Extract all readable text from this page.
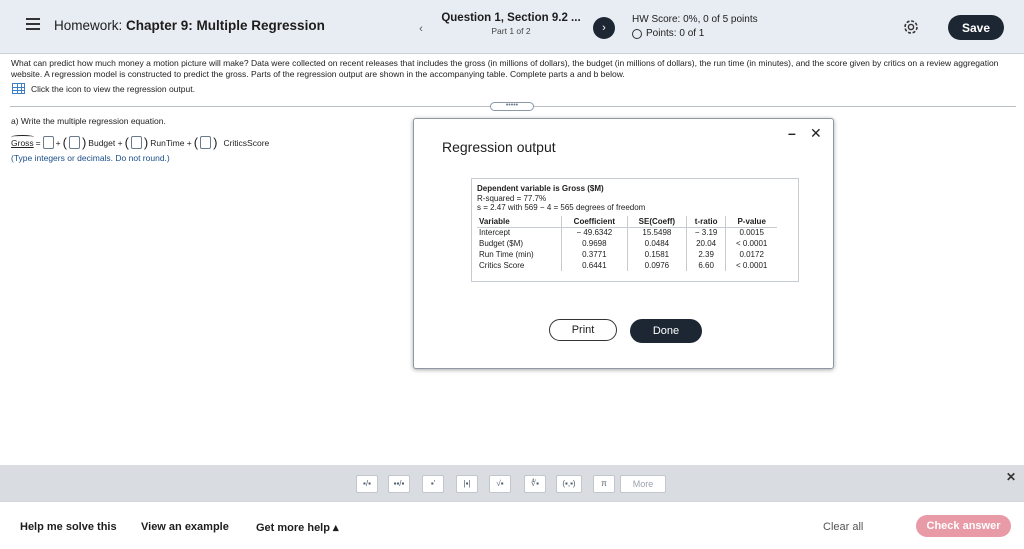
Homework: Chapter 9: Multiple Regression	‹
Question 1, Section 9.2 ...
Part 1 of 2	›
HW Score: 0%, 0 of 5 points
Points: 0 of 1	Save
What can predict how much money a motion picture will make? Data were collected on recent releases that includes the gross (in millions of dollars), the budget (in millions of dollars), the run time (in minutes), and the score given by critics on a review aggregation website. A regression model is constructed to predict the gross. Parts of the regression output are shown in the accompanying table. Complete parts a and b below.
Click the icon to view the regression output.
•••••
a) Write the multiple regression equation.
Gross = + ( ) Budget + ( ) RunTime + ( ) CriticsScore
(Type integers or decimals. Do not round.)
– ✕
Regression output
Dependent variable is Gross ($M)
R-squared = 77.7%
s = 2.47 with 569 − 4 = 565 degrees of freedom
Variable	Coefficient	SE(Coeff)	t-ratio	P-value
Intercept	− 49.6342	15.5498	− 3.19	0.0015
Budget ($M)	0.9698	0.0484	20.04	< 0.0001
Run Time (min)	0.3771	0.1581	2.39	0.0172
Critics Score	0.6441	0.0976	6.60	< 0.0001
Print	Done
▪/▪	▪▪/▪	▪'	|▪|	√▪	∜▪	(▪,▪)	π	More	✕
Help me solve this View an example Get more help ▴	Clear all	Check answer
